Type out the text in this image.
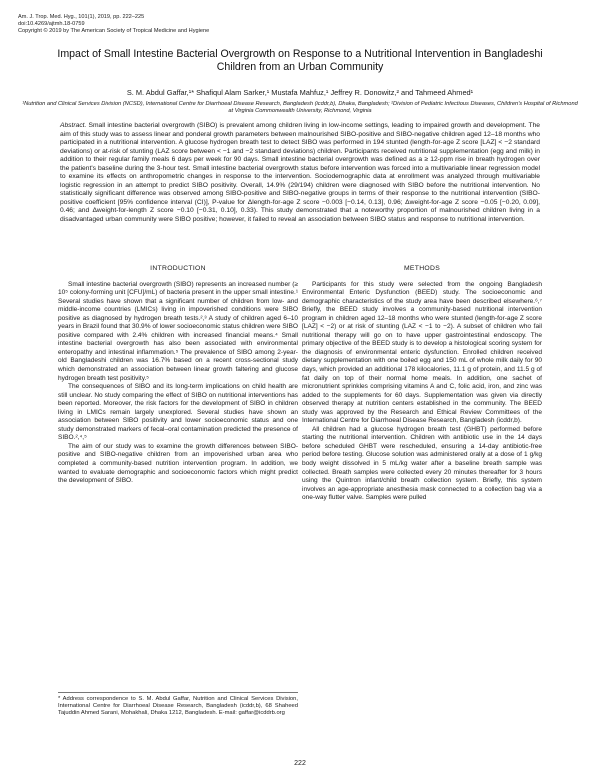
Am. J. Trop. Med. Hyg., 101(1), 2019, pp. 222–225
doi:10.4269/ajtmh.18-0759
Copyright © 2019 by The American Society of Tropical Medicine and Hygiene
Impact of Small Intestine Bacterial Overgrowth on Response to a Nutritional Intervention in Bangladeshi Children from an Urban Community
S. M. Abdul Gaffar,¹* Shafiqul Alam Sarker,¹ Mustafa Mahfuz,¹ Jeffrey R. Donowitz,² and Tahmeed Ahmed¹
¹Nutrition and Clinical Services Division (NCSD), International Centre for Diarrhoeal Disease Research, Bangladesh (icddr,b), Dhaka, Bangladesh; ²Division of Pediatric Infectious Diseases, Children's Hospital of Richmond at Virginia Commonwealth University, Richmond, Virginia
Abstract. Small intestine bacterial overgrowth (SIBO) is prevalent among children living in low-income settings, leading to impaired growth and development. The aim of this study was to assess linear and ponderal growth parameters between malnourished SIBO-positive and SIBO-negative children aged 12–18 months who participated in a nutritional intervention. A glucose hydrogen breath test to detect SIBO was performed in 194 stunted (length-for-age Z score [LAZ] < −2 standard deviations) or at-risk of stunting (LAZ score between < −1 and −2 standard deviations) children. Participants received nutritional supplementation (egg and milk) in addition to their regular family meals 6 days per week for 90 days. Small intestine bacterial overgrowth was defined as a ≥ 12-ppm rise in breath hydrogen over the patient's baseline during the 3-hour test. Small intestine bacterial overgrowth status before intervention was forced into a multivariable linear regression model to examine its effects on anthropometric changes in response to the intervention. Sociodemographic data at enrollment was analyzed through multivariable logistic regression in an attempt to predict SIBO positivity. Overall, 14.9% (29/194) children were diagnosed with SIBO before the nutritional intervention. No statistically significant difference was observed among SIBO-positive and SIBO-negative groups in terms of their response to the nutritional intervention (SIBO-positive coefficient [95% confidence interval (CI)], P-value for Δlength-for-age Z score −0.003 [−0.14, 0.13], 0.96; Δweight-for-age Z score −0.05 [−0.20, 0.09], 0.46; and Δweight-for-length Z score −0.10 [−0.31, 0.10], 0.33). This study demonstrated that a noteworthy proportion of malnourished children living in a disadvantaged urban community were SIBO positive; however, it failed to reveal an association between SIBO status and response to nutritional intervention.
INTRODUCTION

Small intestine bacterial overgrowth (SIBO) represents an increased number (≥ 10⁵ colony-forming unit [CFU]/mL) of bacteria present in the upper small intestine.¹ Several studies have shown that a significant number of children from low- and middle-income countries (LMICs) living in impoverished conditions were SIBO positive as diagnosed by hydrogen breath tests.²,³ A study of children aged 6–10 years in Brazil found that 30.9% of lower socioeconomic status children were SIBO positive compared with 2.4% children with increased financial means.⁴ Small intestine bacterial overgrowth has also been associated with environmental enteropathy and intestinal inflammation.⁵ The prevalence of SIBO among 2-year-old Bangladeshi children was 16.7% based on a recent cross-sectional study which demonstrated an association between linear growth faltering and glucose hydrogen breath test positivity.⁵

The consequences of SIBO and its long-term implications on child health are still unclear. No study comparing the effect of SIBO on nutritional interventions has been reported. Moreover, the risk factors for the development of SIBO in children living in LMICs remain largely unexplored. Several studies have shown an association between SIBO positivity and lower socioeconomic status and one study demonstrated markers of fecal–oral contamination predicted the presence of SIBO.²,⁴,⁵

The aim of our study was to examine the growth differences between SIBO-positive and SIBO-negative children from an impoverished urban area who completed a community-based nutrition intervention program. In addition, we wanted to evaluate demographic and socioeconomic factors which might predict the development of SIBO.

METHODS

Participants for this study were selected from the ongoing Bangladesh Environmental Enteric Dysfunction (BEED) study. The socioeconomic and demographic characteristics of the study area have been described elsewhere.⁶,⁷ Briefly, the BEED study involves a community-based nutritional intervention program in children aged 12–18 months who were stunted (length-for-age Z score [LAZ] < −2) or at risk of stunting (LAZ < −1 to −2). A subset of children who fail nutritional therapy will go on to have upper gastrointestinal endoscopy. The primary objective of the BEED study is to develop a histological scoring system for the diagnosis of environmental enteric dysfunction. Enrolled children received dietary supplementation with one boiled egg and 150 mL of whole milk daily for 90 days, which provided an additional 178 kilocalories, 11.1 g of protein, and 11.5 g of fat daily on top of their normal home meals. In addition, one sachet of micronutrient sprinkles comprising vitamins A and C, folic acid, iron, and zinc was added to the supplements for 60 days. Supplementation was given via directly observed therapy at nutrition centers established in the community. The BEED study was approved by the Research and Ethical Review Committees of the International Centre for Diarrhoeal Disease Research, Bangladesh (icddr,b).

All children had a glucose hydrogen breath test (GHBT) performed before starting the nutritional intervention. Children with antibiotic use in the 14 days before scheduled GHBT were rescheduled, ensuring a 14-day antibiotic-free period before testing. Glucose solution was administered orally at a dose of 1 g/kg body weight dissolved in 5 mL/kg water after a baseline breath sample was collected. Breath samples were collected every 20 minutes thereafter for 3 hours using the Quintron infant/child breath collection system. Briefly, this system involves an age-appropriate anesthesia mask connected to a collection bag via a one-way flutter valve. Samples were pulled

* Address correspondence to S. M. Abdul Gaffar, Nutrition and Clinical Services Division, International Centre for Diarrhoeal Disease Research, Bangladesh (icddr,b), 68 Shaheed Tajuddin Ahmed Sarani, Mohakhali, Dhaka 1212, Bangladesh. E-mail: gaffar@icddrb.org
222
